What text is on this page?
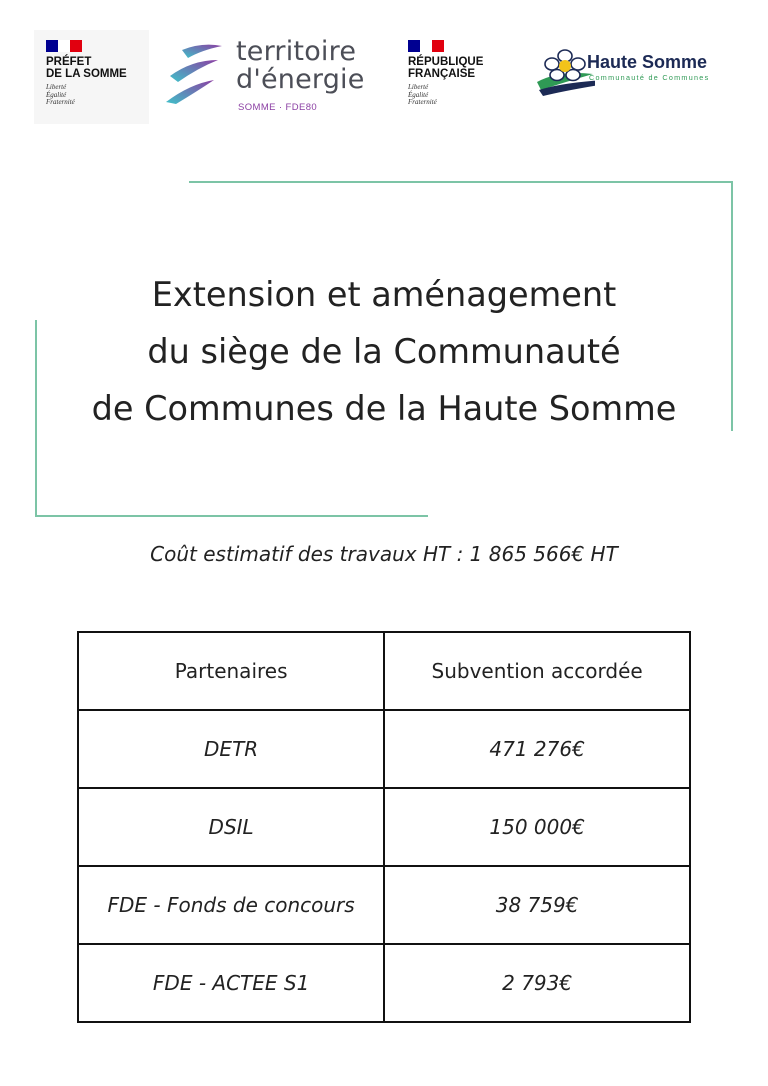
PRÉFET
DE LA SOMME
Liberté
Égalité
Fraternité
territoire
d'énergie
SOMME · FDE80
RÉPUBLIQUE
FRANÇAISE
Liberté
Égalité
Fraternité
Haute Somme
Communauté de Communes
Extension et aménagement
du siège de la Communauté
de Communes de la Haute Somme
Coût estimatif des travaux HT : 1 865 566€ HT
Partenaires	Subvention accordée
DETR	471 276€
DSIL	150 000€
FDE - Fonds de concours	38 759€
FDE - ACTEE S1	2 793€
